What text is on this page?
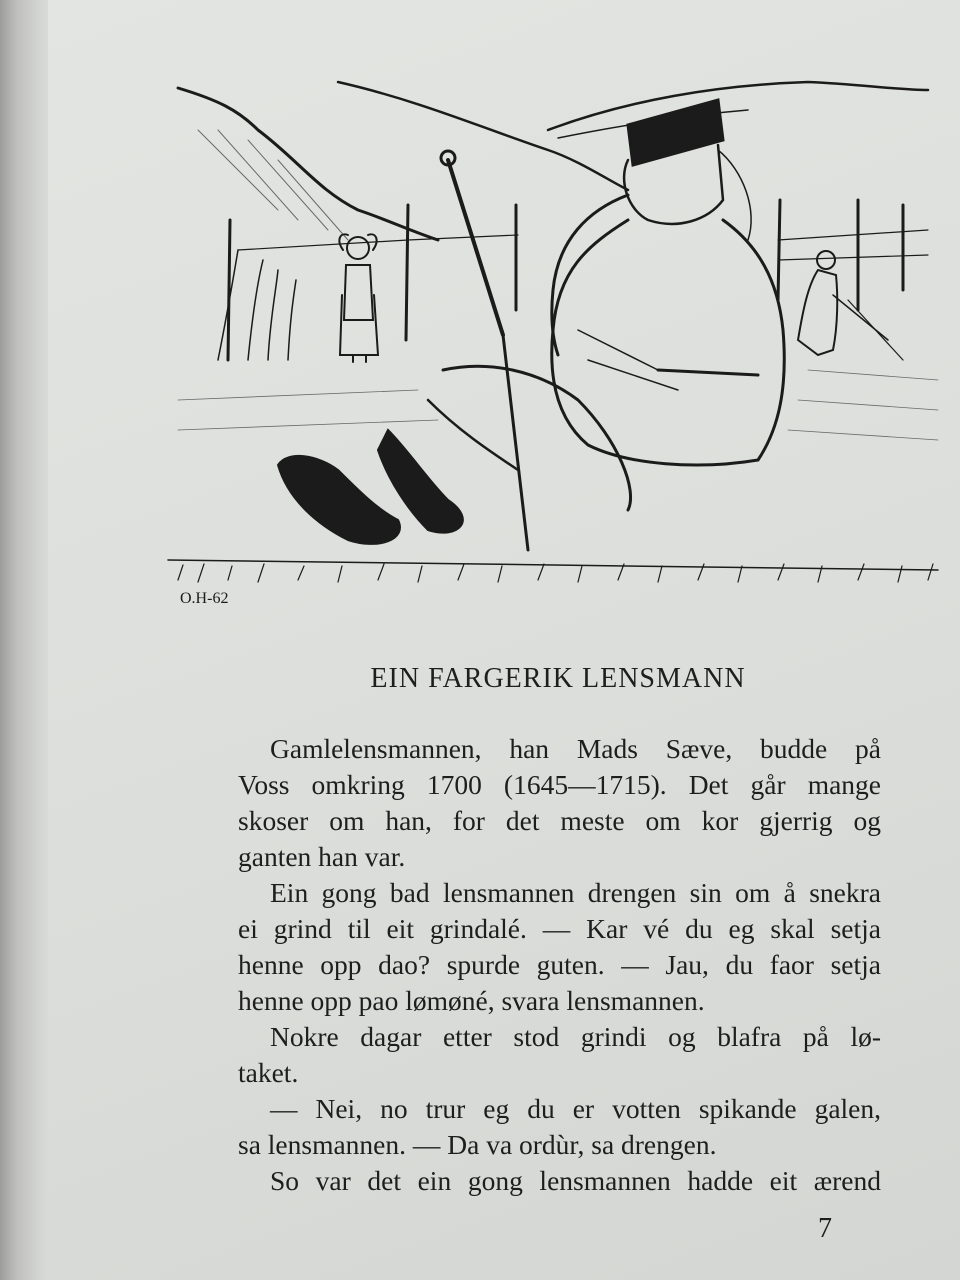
O.H-62
EIN FARGERIK LENSMANN

Gamlelensmannen, han Mads Sæve, budde på

Voss omkring 1700 (1645—1715). Det går mange

skoser om han, for det meste om kor gjerrig og

ganten han var.

Ein gong bad lensmannen drengen sin om å snekra

ei grind til eit grindalé. — Kar vé du eg skal setja

henne opp dao? spurde guten. — Jau, du faor setja

henne opp pao lømøné, svara lensmannen.

Nokre dagar etter stod grindi og blafra på lø-

taket.

— Nei, no trur eg du er votten spikande galen,

sa lensmannen. — Da va ordùr, sa drengen.

So var det ein gong lensmannen hadde eit ærend

7
